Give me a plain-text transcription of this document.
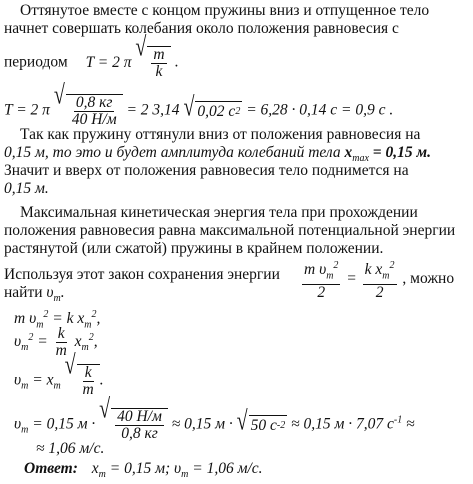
Оттянутое вместе с концом пружины вниз и отпущенное тело
начнет совершать колебания около положения равновесия с
периодом T = 2 π √ $\frac{m}{k}$ .
T = 2 π √ $\frac{0,8 кг}{40 Н/м} = 2$ 3,14 √ 0,02 с 2 = 6,28 · 0,14 с = 0,9 с .
Так как пружину оттянули вниз от положения равновесия на
0,15 м, то это и будет амплитуда колебаний тела $x_{max} = 0,15$ м.
Значит и вверх от положения равновесия тело поднимется на
0,15 м.
Максимальная кинетическая энергия тела при прохождении
положения равновесия равна максимальной потенциальной энергии
растянутой (или сжатой) пружины в крайнем положении.
Используя этот закон сохранения энергии $\frac{m \upsilon_m^2}{2} = \frac{k x_m^2}{2}$ , можно
найти $\upsilon_m$.
m $\upsilon_m^2 = k$ $x_m^2$,
$\upsilon_m^2 = \frac{k}{m} x_m^2$,
$\upsilon_m = x_m$
√ $\frac{k}{m}$ .
$\upsilon_m = 0,15$ м · √ $\frac{40 Н/м}{0,8 кг} \approx 0,15$ м · √ 50 с -2 ≈ 0,15 м · 7,07 $с^{-1}$ ≈
≈ 1,06 м/с.
Ответ: $x_m = 0,15$ м; $\upsilon_m = 1,06$ м/с.
